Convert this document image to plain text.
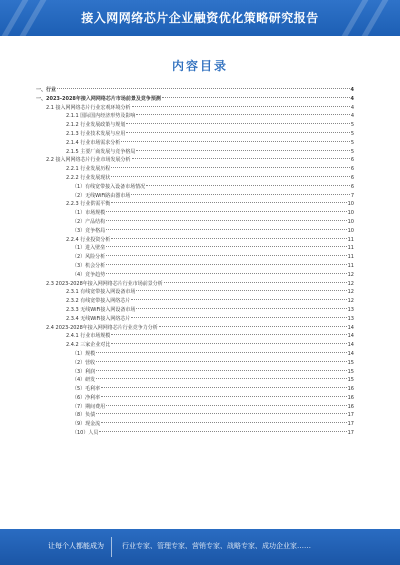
接入网网络芯片企业融资优化策略研究报告
内容目录
一、行业	4
一、2023-2028年接入网网络芯片市场前景及竞争预测	4
2.1 接入网网络芯片行业宏观环境分析	4
2.1.1 国际国内经济形势及影响	4
2.1.2 行业发展政策与规划	5
2.1.3 行业技术发展与应用	5
2.1.4 行业市场需求分析	5
2.1.5 主要厂商发展与竞争格局	5
2.2 接入网网络芯片行业市场发展分析	6
2.2.1 行业发展历程	6
2.2.2 行业发展现状	6
（1）有线宽带接入设备市场情况	6
（2）无线WiFi路由器市场	7
2.2.3 行业供需平衡	10
（1）市场规模	10
（2）产品结构	10
（3）竞争格局	10
2.2.4 行业投资分析	11
（1）进入壁垒	11
（2）风险分析	11
（3）机会分析	11
（4）竞争趋势	12
2.3 2023-2028年接入网网络芯片行业市场前景分析	12
2.3.1 有线宽带接入网设备市场	12
2.3.2 有线宽带接入网络芯片	12
2.3.3 无线WiFi接入网设备市场	13
2.3.4 无线WiFi接入网络芯片	13
2.4 2023-2028年接入网网络芯片行业竞争力分析	14
2.4.1 行业市场规模	14
2.4.2 三家企业对比	14
（1）规模	14
（2）营收	15
（3）利润	15
（4）研发	15
（5）毛利率	16
（6）净利率	16
（7）期间费用	16
（8）负债	17
（9）现金流	17
（10）人员	17
让每个人都能成为	行业专家、管理专家、营销专家、战略专家、成功企业家……
